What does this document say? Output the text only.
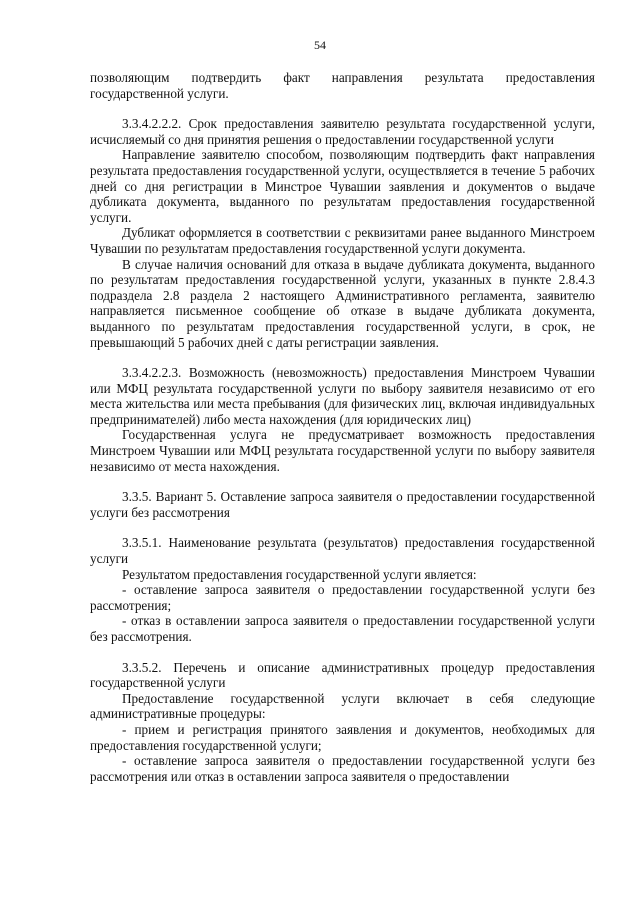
54

позволяющим подтвердить факт направления результата предоставления государственной услуги.

3.3.4.2.2.2. Срок предоставления заявителю результата государственной услуги, исчисляемый со дня принятия решения о предоставлении государственной услуги

Направление заявителю способом, позволяющим подтвердить факт направления результата предоставления государственной услуги, осуществляется в течение 5 рабочих дней со дня регистрации в Минстрое Чувашии заявления и документов о выдаче дубликата документа, выданного по результатам предоставления государственной услуги.

Дубликат оформляется в соответствии с реквизитами ранее выданного Минстроем Чувашии по результатам предоставления государственной услуги документа.

В случае наличия оснований для отказа в выдаче дубликата документа, выданного по результатам предоставления государственной услуги, указанных в пункте 2.8.4.3 подраздела 2.8 раздела 2 настоящего Административного регламента, заявителю направляется письменное сообщение об отказе в выдаче дубликата документа, выданного по результатам предоставления государственной услуги, в срок, не превышающий 5 рабочих дней с даты регистрации заявления.

3.3.4.2.2.3. Возможность (невозможность) предоставления Минстроем Чувашии или МФЦ результата государственной услуги по выбору заявителя независимо от его места жительства или места пребывания (для физических лиц, включая индивидуальных предпринимателей) либо места нахождения (для юридических лиц)

Государственная услуга не предусматривает возможность предоставления Минстроем Чувашии или МФЦ результата государственной услуги по выбору заявителя независимо от места нахождения.

3.3.5. Вариант 5. Оставление запроса заявителя о предоставлении государственной услуги без рассмотрения

3.3.5.1. Наименование результата (результатов) предоставления государственной услуги

Результатом предоставления государственной услуги является:

- оставление запроса заявителя о предоставлении государственной услуги без рассмотрения;

- отказ в оставлении запроса заявителя о предоставлении государственной услуги без рассмотрения.

3.3.5.2. Перечень и описание административных процедур предоставления государственной услуги

Предоставление государственной услуги включает в себя следующие административные процедуры:

- прием и регистрация принятого заявления и документов, необходимых для предоставления государственной услуги;

- оставление запроса заявителя о предоставлении государственной услуги без рассмотрения или отказ в оставлении запроса заявителя о предоставлении
